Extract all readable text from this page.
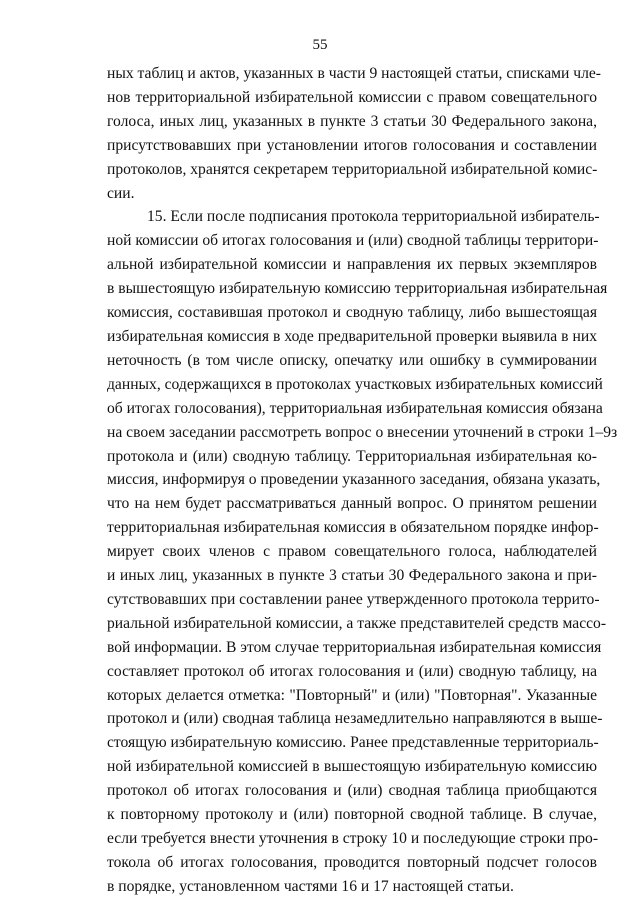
55
ных таблиц и актов, указанных в части 9 настоящей статьи, списками чле-
нов территориальной избирательной комиссии с правом совещательного
голоса, иных лиц, указанных в пункте 3 статьи 30 Федерального закона,
присутствовавших при установлении итогов голосования и составлении
протоколов, хранятся секретарем территориальной избирательной комис-
сии.
15. Если после подписания протокола территориальной избиратель-
ной комиссии об итогах голосования и (или) сводной таблицы территори-
альной избирательной комиссии и направления их первых экземпляров
в вышестоящую избирательную комиссию территориальная избирательная
комиссия, составившая протокол и сводную таблицу, либо вышестоящая
избирательная комиссия в ходе предварительной проверки выявила в них
неточность (в том числе описку, опечатку или ошибку в суммировании
данных, содержащихся в протоколах участковых избирательных комиссий
об итогах голосования), территориальная избирательная комиссия обязана
на своем заседании рассмотреть вопрос о внесении уточнений в строки 1–9з
протокола и (или) сводную таблицу. Территориальная избирательная ко-
миссия, информируя о проведении указанного заседания, обязана указать,
что на нем будет рассматриваться данный вопрос. О принятом решении
территориальная избирательная комиссия в обязательном порядке инфор-
мирует своих членов с правом совещательного голоса, наблюдателей
и иных лиц, указанных в пункте 3 статьи 30 Федерального закона и при-
сутствовавших при составлении ранее утвержденного протокола террито-
риальной избирательной комиссии, а также представителей средств массо-
вой информации. В этом случае территориальная избирательная комиссия
составляет протокол об итогах голосования и (или) сводную таблицу, на
которых делается отметка: "Повторный" и (или) "Повторная". Указанные
протокол и (или) сводная таблица незамедлительно направляются в выше-
стоящую избирательную комиссию. Ранее представленные территориаль-
ной избирательной комиссией в вышестоящую избирательную комиссию
протокол об итогах голосования и (или) сводная таблица приобщаются
к повторному протоколу и (или) повторной сводной таблице. В случае,
если требуется внести уточнения в строку 10 и последующие строки про-
токола об итогах голосования, проводится повторный подсчет голосов
в порядке, установленном частями 16 и 17 настоящей статьи.
